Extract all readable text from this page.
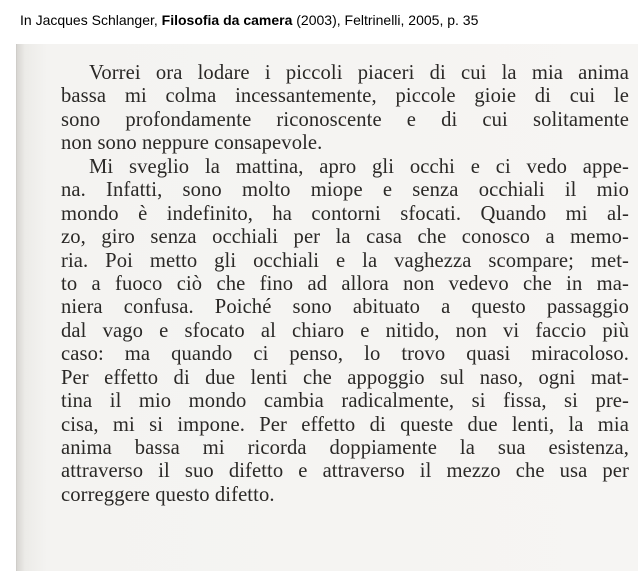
In Jacques Schlanger, Filosofia da camera (2003), Feltrinelli, 2005, p. 35
Vorrei ora lodare i piccoli piaceri di cui la mia anima
bassa mi colma incessantemente, piccole gioie di cui le
sono profondamente riconoscente e di cui solitamente
non sono neppure consapevole.
Mi sveglio la mattina, apro gli occhi e ci vedo appe-
na. Infatti, sono molto miope e senza occhiali il mio
mondo è indefinito, ha contorni sfocati. Quando mi al-
zo, giro senza occhiali per la casa che conosco a memo-
ria. Poi metto gli occhiali e la vaghezza scompare; met-
to a fuoco ciò che fino ad allora non vedevo che in ma-
niera confusa. Poiché sono abituato a questo passaggio
dal vago e sfocato al chiaro e nitido, non vi faccio più
caso: ma quando ci penso, lo trovo quasi miracoloso.
Per effetto di due lenti che appoggio sul naso, ogni mat-
tina il mio mondo cambia radicalmente, si fissa, si pre-
cisa, mi si impone. Per effetto di queste due lenti, la mia
anima bassa mi ricorda doppiamente la sua esistenza,
attraverso il suo difetto e attraverso il mezzo che usa per
correggere questo difetto.
